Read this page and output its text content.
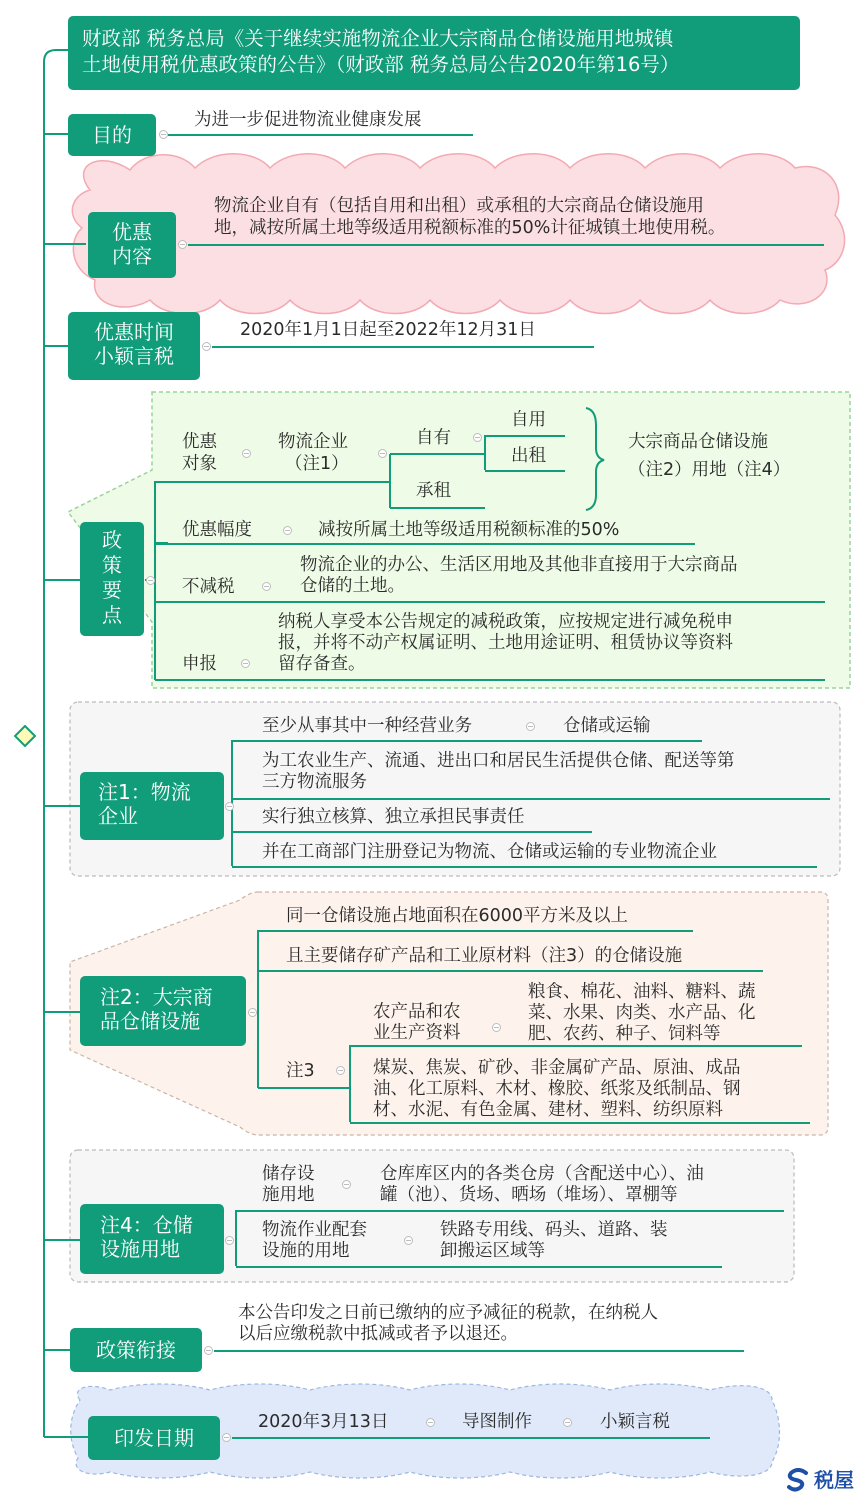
财政部 税务总局《关于继续实施物流企业大宗商品仓储设施用地城镇
土地使用税优惠政策的公告》（财政部 税务总局公告2020年第16号）
目的
为进一步促进物流业健康发展
优惠
内容
物流企业自有（包括自用和出租）或承租的大宗商品仓储设施用
地，减按所属土地等级适用税额标准的50%计征城镇土地使用税。
优惠时间
小颖言税
2020年1月1日起至2022年12月31日
政
策
要
点
优惠
对象
物流企业
（注1）
自有
自用
出租
承租
大宗商品仓储设施
（注2）用地（注4）
优惠幅度	减按所属土地等级适用税额标准的50%
不减税
物流企业的办公、生活区用地及其他非直接用于大宗商品
仓储的土地。
申报
纳税人享受本公告规定的减税政策，应按规定进行减免税申
报，并将不动产权属证明、土地用途证明、租赁协议等资料
留存备查。
注1：物流
企业
至少从事其中一种经营业务	仓储或运输
为工农业生产、流通、进出口和居民生活提供仓储、配送等第
三方物流服务
实行独立核算、独立承担民事责任
并在工商部门注册登记为物流、仓储或运输的专业物流企业
注2：大宗商
品仓储设施
同一仓储设施占地面积在6000平方米及以上
且主要储存矿产品和工业原材料（注3）的仓储设施
注3
农产品和农
业生产资料
粮食、棉花、油料、糖料、蔬
菜、水果、肉类、水产品、化
肥、农药、种子、饲料等
煤炭、焦炭、矿砂、非金属矿产品、原油、成品
油、化工原料、木材、橡胶、纸浆及纸制品、钢
材、水泥、有色金属、建材、塑料、纺织原料
注4：仓储
设施用地
储存设
施用地
仓库库区内的各类仓房（含配送中心）、油
罐（池）、货场、晒场（堆场）、罩棚等
物流作业配套
设施的用地
铁路专用线、码头、道路、装
卸搬运区域等
政策衔接
本公告印发之日前已缴纳的应予减征的税款，在纳税人
以后应缴税款中抵减或者予以退还。
印发日期
2020年3月13日	导图制作	小颖言税
税屋
